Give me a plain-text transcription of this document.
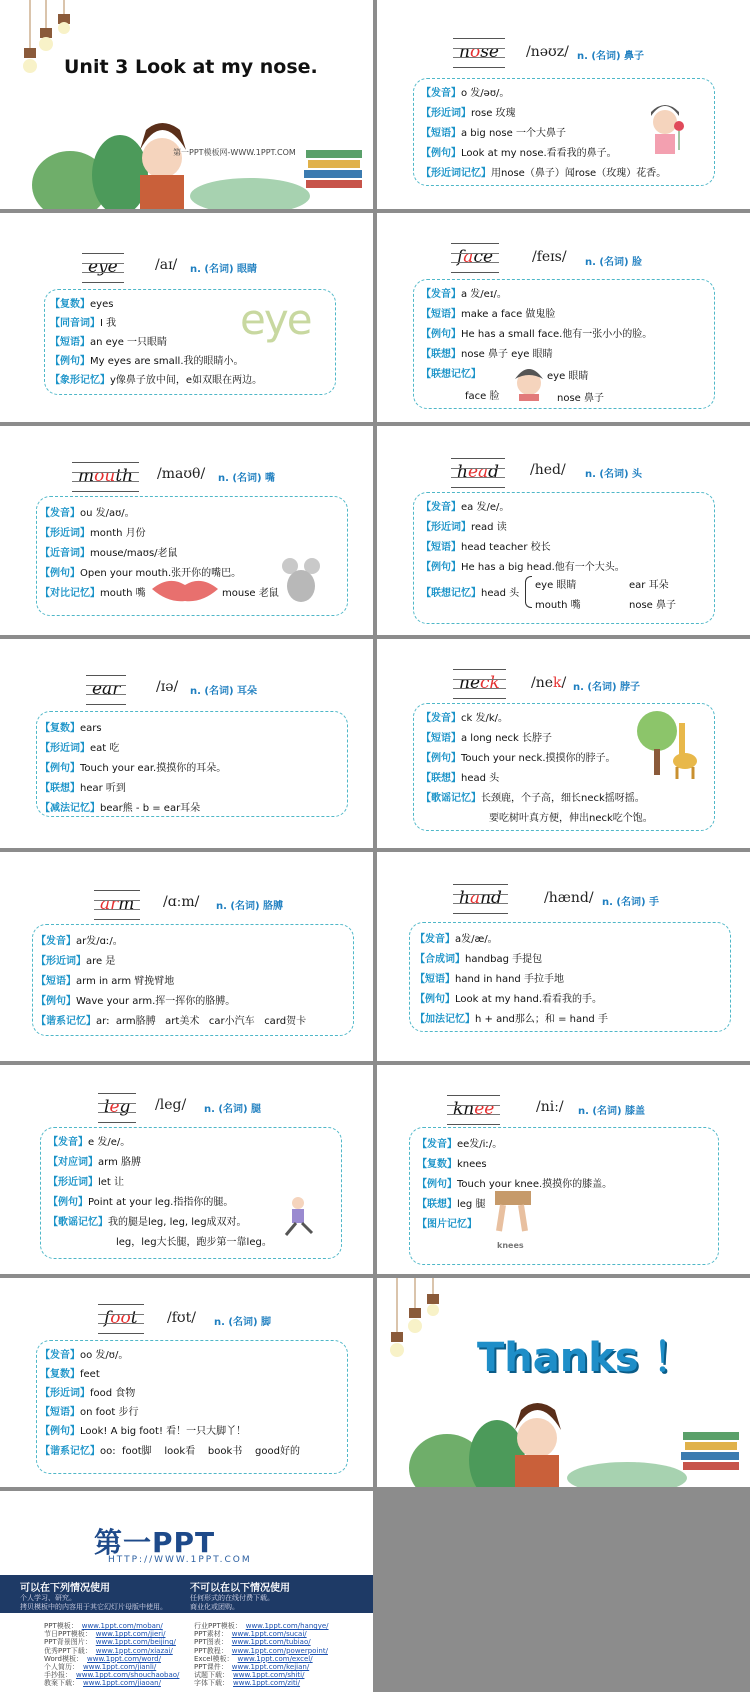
Unit 3 Look at my nose.
第一PPT模板网-WWW.1PPT.COM
nose /nəʊz/ n. (名词) 鼻子
【发音】o 发/əʊ/。
【形近词】rose 玫瑰
【短语】a big nose 一个大鼻子
【例句】Look at my nose.看看我的鼻子。
【形近词记忆】用nose（鼻子）闻rose（玫瑰）花香。
eye	/aɪ/ n. (名词) 眼睛
【复数】eyes
【同音词】I 我
【短语】an eye 一只眼睛
【例句】My eyes are small.我的眼睛小。
【象形记忆】y像鼻子放中间，e如双眼在两边。
eye
face	/feɪs/ n. (名词) 脸
【发音】a 发/eɪ/。
【短语】make a face 做鬼脸
【例句】He has a small face.他有一张小小的脸。
【联想】nose 鼻子 eye 眼睛
【联想记忆】	eye 眼睛
face 脸	nose 鼻子
mouth /maʊθ/ n. (名词) 嘴
【发音】ou 发/aʊ/。
【形近词】month 月份
【近音词】mouse/maʊs/老鼠
【例句】Open your mouth.张开你的嘴巴。
【对比记忆】mouth 嘴	mouse 老鼠
head /hed/ n. (名词) 头
【发音】ea 发/e/。
【形近词】read 读
【短语】head teacher 校长
【例句】He has a big head.他有一个大头。
【联想记忆】head 头
eye 眼睛	ear 耳朵
mouth 嘴	nose 鼻子
ear	/ɪə/ n. (名词) 耳朵
【复数】ears
【形近词】eat 吃
【例句】Touch your ear.摸摸你的耳朵。
【联想】hear 听到
【减法记忆】bear熊 - b = ear耳朵
neck /nek/ n. (名词) 脖子
【发音】ck 发/k/。
【短语】a long neck 长脖子
【例句】Touch your neck.摸摸你的脖子。
【联想】head 头
【歌谣记忆】长颈鹿，个子高，细长neck摇呀摇。
要吃树叶真方便，伸出neck吃个饱。
arm /ɑːm/ n. (名词) 胳膊
【发音】ar发/ɑː/。
【形近词】are 是
【短语】arm in arm 臂挽臂地
【例句】Wave your arm.挥一挥你的胳膊。
【谐系记忆】ar:  arm胳膊 art美术 car小汽车 card贺卡
hand	/hænd/ n. (名词) 手
【发音】a发/æ/。
【合成词】handbag 手提包
【短语】hand in hand 手拉手地
【例句】Look at my hand.看看我的手。
【加法记忆】h + and那么；和 = hand 手
leg /leg/ n. (名词) 腿
【发音】e 发/e/。
【对应词】arm 胳膊
【形近词】let 让
【例句】Point at your leg.指指你的腿。
【歌谣记忆】我的腿是leg, leg, leg成双对。
leg，leg大长腿，跑步第一靠leg。
knee	/niː/ n. (名词) 膝盖
【发音】ee发/iː/。
【复数】knees
【例句】Touch your knee.摸摸你的膝盖。
【联想】leg 腿
【图片记忆】
knees
foot /fʊt/ n. (名词) 脚
【发音】oo 发/ʊ/。
【复数】feet
【形近词】food 食物
【短语】on foot 步行
【例句】Look! A big foot! 看！一只大脚丫！
【谐系记忆】oo:  foot脚 look看 book书 good好的
Thanks ！
第一PPT
HTTP://WWW.1PPT.COM
可以在下列情况使用
个人学习、研究。
拷贝模板中的内容用于其它幻灯片母版中使用。
不可以在以下情况使用
任何形式的在线付费下载。
商业化或团购。
PPT模板： www.1ppt.com/moban/
节日PPT模板： www.1ppt.com/jieri/
PPT背景图片： www.1ppt.com/beijing/
优秀PPT下载： www.1ppt.com/xiazai/
Word模板： www.1ppt.com/word/
个人简历： www.1ppt.com/jianli/
手抄报： www.1ppt.com/shouchaobao/
教案下载： www.1ppt.com/jiaoan/
行业PPT模板： www.1ppt.com/hangye/
PPT素材： www.1ppt.com/sucai/
PPT图表： www.1ppt.com/tubiao/
PPT教程： www.1ppt.com/powerpoint/
Excel模板： www.1ppt.com/excel/
PPT课件： www.1ppt.com/kejian/
试题下载： www.1ppt.com/shiti/
字体下载： www.1ppt.com/ziti/
